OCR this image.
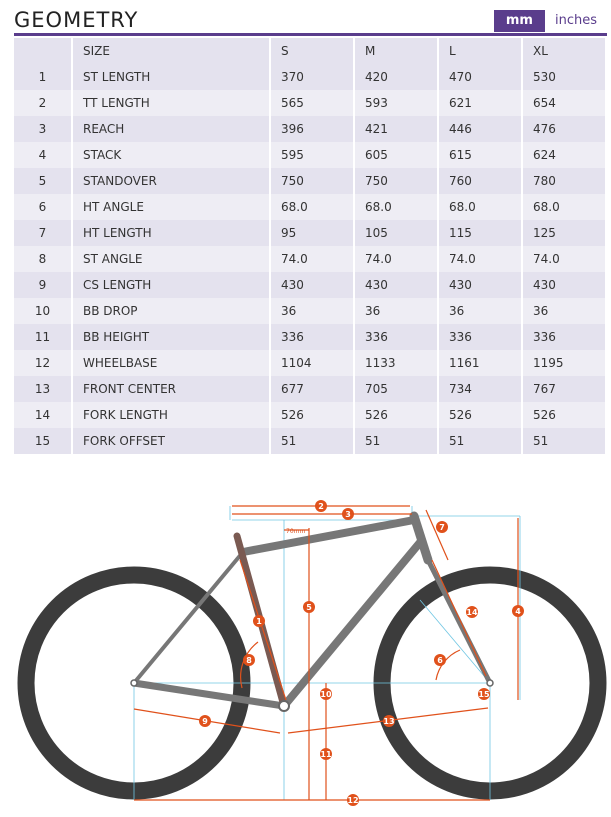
GEOMETRY	mm	inches
	SIZE	S	M	L	XL
1	ST LENGTH	370	420	470	530
2	TT LENGTH	565	593	621	654
3	REACH	396	421	446	476
4	STACK	595	605	615	624
5	STANDOVER	750	750	760	780
6	HT ANGLE	68.0	68.0	68.0	68.0
7	HT LENGTH	95	105	115	125
8	ST ANGLE	74.0	74.0	74.0	74.0
9	CS LENGTH	430	430	430	430
10	BB DROP	36	36	36	36
11	BB HEIGHT	336	336	336	336
12	WHEELBASE	1104	1133	1161	1195
13	FRONT CENTER	677	705	734	767
14	FORK LENGTH	526	526	526	526
15	FORK OFFSET	51	51	51	51
70mm
1
2
3
4
5
6
7
8
9
10
11
12
13
14
15
